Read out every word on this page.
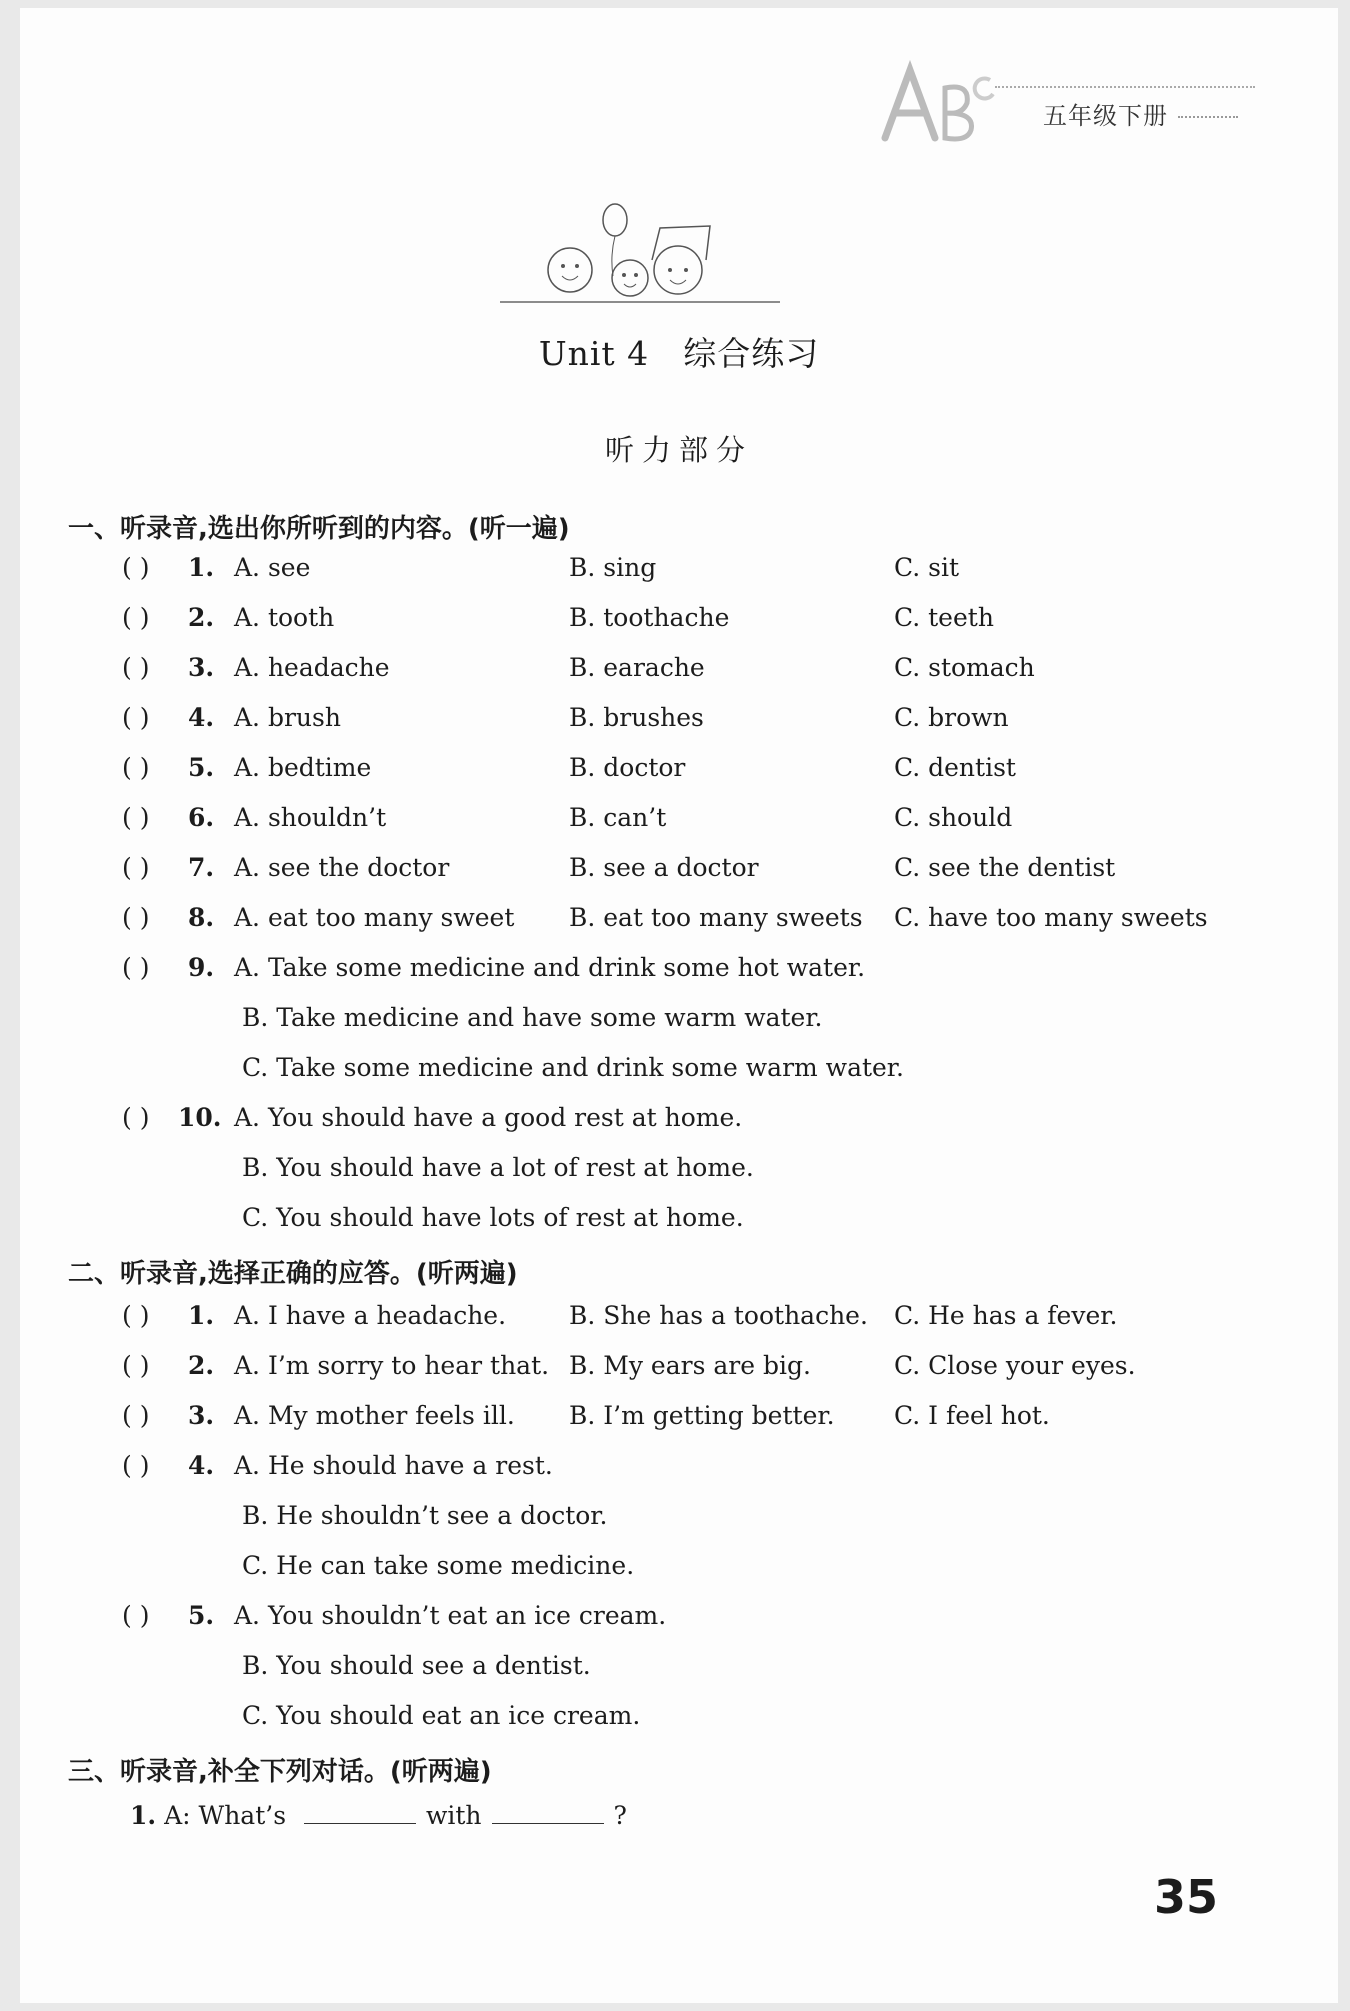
五年级下册
Unit 4 综合练习
听力部分
一、听录音,选出你所听到的内容。(听一遍)
( ) 1. A. see	B. sing	C. sit
( ) 2. A. tooth	B. toothache	C. teeth
( ) 3. A. headache	B. earache	C. stomach
( ) 4. A. brush	B. brushes	C. brown
( ) 5. A. bedtime	B. doctor	C. dentist
( ) 6. A. shouldn’t	B. can’t	C. should
( ) 7. A. see the doctor	B. see a doctor	C. see the dentist
( ) 8. A. eat too many sweet B. eat too many sweets C. have too many sweets
( ) 9. A. Take some medicine and drink some hot water.
B. Take medicine and have some warm water.
C. Take some medicine and drink some warm water.
( ) 10. A. You should have a good rest at home.
B. You should have a lot of rest at home.
C. You should have lots of rest at home.
二、听录音,选择正确的应答。(听两遍)
( ) 1. A. I have a headache.	B. She has a toothache. C. He has a fever.
( ) 2. A. I’m sorry to hear that. B. My ears are big.	C. Close your eyes.
( ) 3. A. My mother feels ill. B. I’m getting better. C. I feel hot.
( ) 4. A. He should have a rest.
B. He shouldn’t see a doctor.
C. He can take some medicine.
( ) 5. A. You shouldn’t eat an ice cream.
B. You should see a dentist.
C. You should eat an ice cream.
三、听录音,补全下列对话。(听两遍)
1. A: What’s	with	?
35
